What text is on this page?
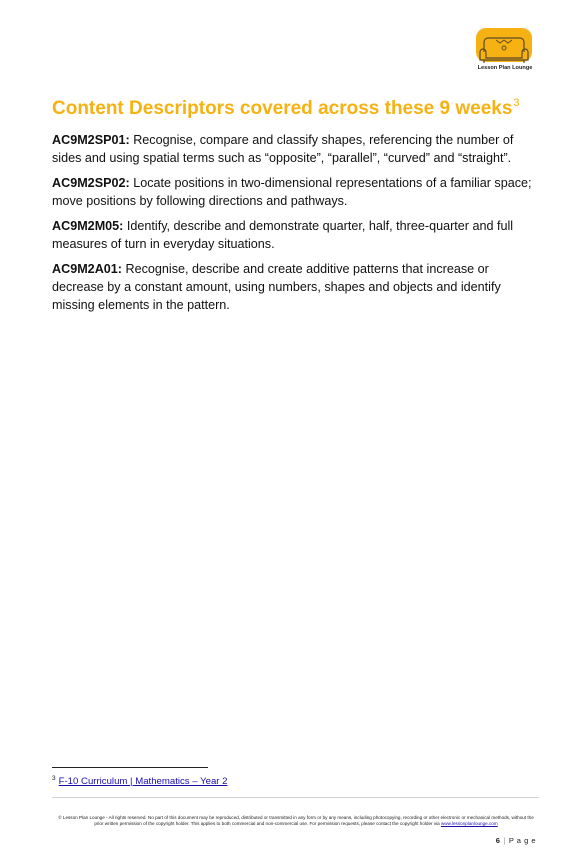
Lesson Plan Lounge
Content Descriptors covered across these 9 weeks$^3$

AC9M2SP01: Recognise, compare and classify shapes, referencing the number of sides and using spatial terms such as “opposite”, “parallel”, “curved” and “straight”.

AC9M2SP02: Locate positions in two-dimensional representations of a familiar space; move positions by following directions and pathways.

AC9M2M05: Identify, describe and demonstrate quarter, half, three-quarter and full measures of turn in everyday situations.

AC9M2A01: Recognise, describe and create additive patterns that increase or decrease by a constant amount, using numbers, shapes and objects and identify missing elements in the pattern.

$^3$ F-10 Curriculum | Mathematics – Year 2
© Lesson Plan Lounge - All rights reserved. No part of this document may be reproduced, distributed or transmitted in any form or by any means, including photocopying, recording or other electronic or mechanical methods, without the prior written permission of the copyright holder. This applies to both commercial and non-commercial use. For permission requests, please contact the copyright holder via www.lessonplanlounge.com
6 | P a g e
